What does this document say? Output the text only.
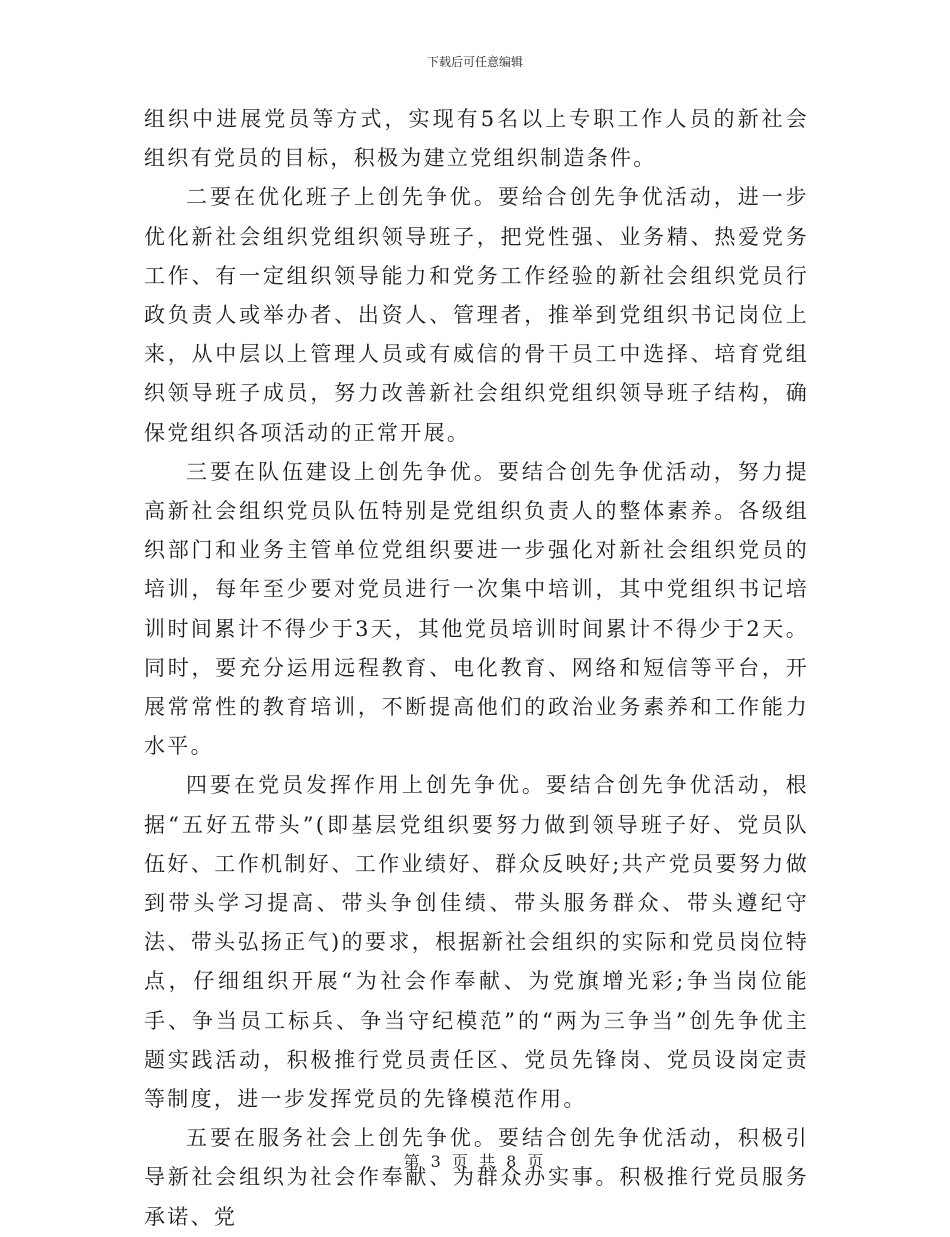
下载后可任意编辑

组织中进展党员等方式，实现有5名以上专职工作人员的新社会组织有党员的目标，积极为建立党组织制造条件。

二要在优化班子上创先争优。要给合创先争优活动，进一步优化新社会组织党组织领导班子，把党性强、业务精、热爱党务工作、有一定组织领导能力和党务工作经验的新社会组织党员行政负责人或举办者、出资人、管理者，推举到党组织书记岗位上来，从中层以上管理人员或有威信的骨干员工中选择、培育党组织领导班子成员，努力改善新社会组织党组织领导班子结构，确保党组织各项活动的正常开展。

三要在队伍建设上创先争优。要结合创先争优活动，努力提高新社会组织党员队伍特别是党组织负责人的整体素养。各级组织部门和业务主管单位党组织要进一步强化对新社会组织党员的培训，每年至少要对党员进行一次集中培训，其中党组织书记培训时间累计不得少于3天，其他党员培训时间累计不得少于2天。同时，要充分运用远程教育、电化教育、网络和短信等平台，开展常常性的教育培训，不断提高他们的政治业务素养和工作能力水平。

四要在党员发挥作用上创先争优。要结合创先争优活动，根据“五好五带头”(即基层党组织要努力做到领导班子好、党员队伍好、工作机制好、工作业绩好、群众反映好;共产党员要努力做到带头学习提高、带头争创佳绩、带头服务群众、带头遵纪守法、带头弘扬正气)的要求，根据新社会组织的实际和党员岗位特点，仔细组织开展“为社会作奉献、为党旗增光彩;争当岗位能手、争当员工标兵、争当守纪模范”的“两为三争当”创先争优主题实践活动，积极推行党员责任区、党员先锋岗、党员设岗定责等制度，进一步发挥党员的先锋模范作用。

五要在服务社会上创先争优。要结合创先争优活动，积极引导新社会组织为社会作奉献、为群众办实事。积极推行党员服务承诺、党

第 3 页 共 8 页
